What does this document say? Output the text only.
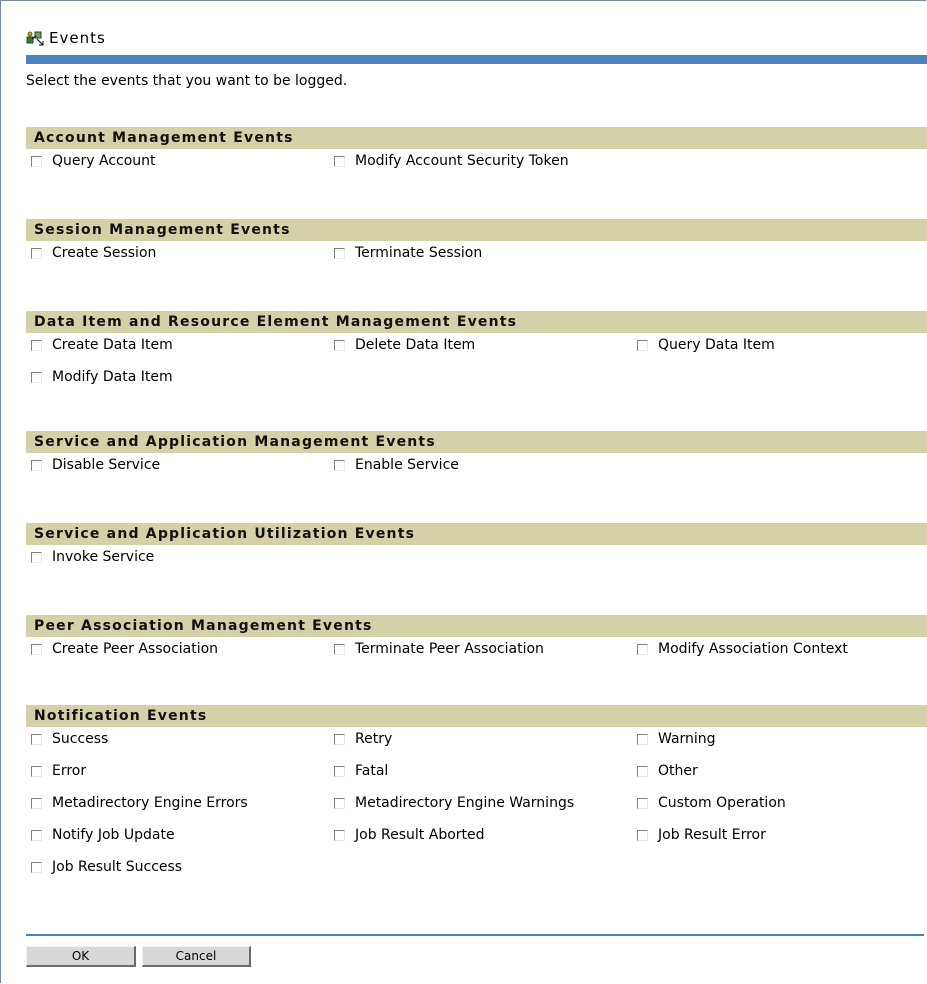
Events
Select the events that you want to be logged.
Account Management Events
Query Account	Modify Account Security Token
Session Management Events
Create Session	Terminate Session
Data Item and Resource Element Management Events
Create Data Item	Delete Data Item	Query Data Item
Modify Data Item
Service and Application Management Events
Disable Service	Enable Service
Service and Application Utilization Events
Invoke Service
Peer Association Management Events
Create Peer Association	Terminate Peer Association	Modify Association Context
Notification Events
Success	Retry	Warning
Error	Fatal	Other
Metadirectory Engine Errors	Metadirectory Engine Warnings	Custom Operation
Notify Job Update	Job Result Aborted	Job Result Error
Job Result Success
OK	Cancel
